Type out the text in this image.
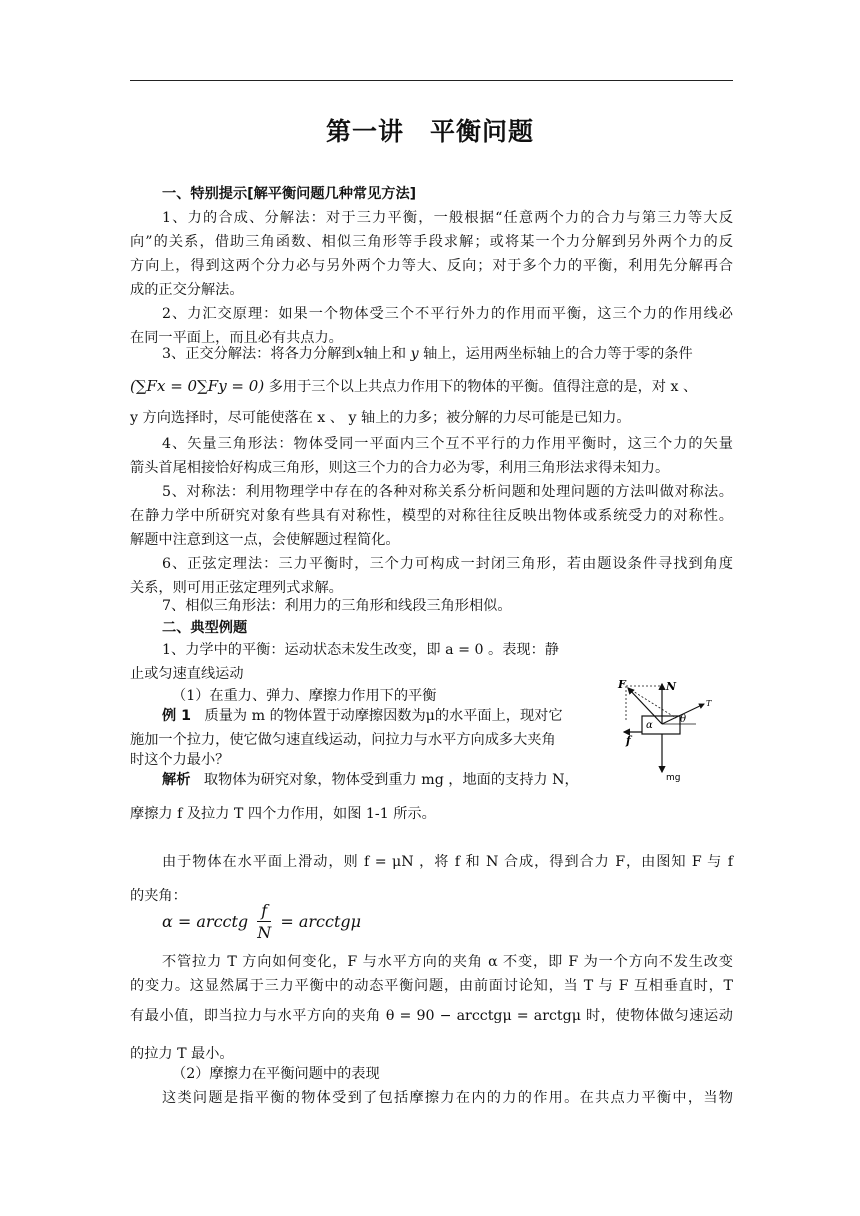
第一讲　平衡问题
一、特别提示[解平衡问题几种常见方法]
1、力的合成、分解法：对于三力平衡，一般根据“任意两个力的合力与第三力等大反
向”的关系，借助三角函数、相似三角形等手段求解；或将某一个力分解到另外两个力的反
方向上，得到这两个分力必与另外两个力等大、反向；对于多个力的平衡，利用先分解再合
成的正交分解法。
2、力汇交原理：如果一个物体受三个不平行外力的作用而平衡，这三个力的作用线必
在同一平面上，而且必有共点力。
3、正交分解法：将各力分解到x轴上和 y 轴上，运用两坐标轴上的合力等于零的条件
(∑Fx = 0∑Fy = 0) 多用于三个以上共点力作用下的物体的平衡。值得注意的是，对 x 、
y 方向选择时，尽可能使落在 x 、 y 轴上的力多；被分解的力尽可能是已知力。
4、矢量三角形法：物体受同一平面内三个互不平行的力作用平衡时，这三个力的矢量
箭头首尾相接恰好构成三角形，则这三个力的合力必为零，利用三角形法求得未知力。
5、对称法：利用物理学中存在的各种对称关系分析问题和处理问题的方法叫做对称法。
在静力学中所研究对象有些具有对称性，模型的对称往往反映出物体或系统受力的对称性。
解题中注意到这一点，会使解题过程简化。
6、正弦定理法：三力平衡时，三个力可构成一封闭三角形，若由题设条件寻找到角度
关系，则可用正弦定理列式求解。
7、相似三角形法：利用力的三角形和线段三角形相似。
二、典型例题
1、力学中的平衡：运动状态未发生改变，即 a = 0 。表现：静
止或匀速直线运动
（1）在重力、弹力、摩擦力作用下的平衡
例 1 质量为 m 的物体置于动摩擦因数为μ的水平面上，现对它
施加一个拉力，使它做匀速直线运动，问拉力与水平方向成多大夹角
时这个力最小？
解析 取物体为研究对象，物体受到重力 mg ，地面的支持力 N，
摩擦力 f 及拉力 T 四个力作用，如图 1-1 所示。
由于物体在水平面上滑动，则 f = μN ，将 f 和 N 合成，得到合力 F，由图知 F 与 f
的夹角：
α = arcctg $\frac{f}{N}$ = arcctgμ
不管拉力 T 方向如何变化，F 与水平方向的夹角 α 不变，即 F 为一个方向不发生改变
的变力。这显然属于三力平衡中的动态平衡问题，由前面讨论知，当 T 与 F 互相垂直时，T
有最小值，即当拉力与水平方向的夹角 θ = 90 − arcctgμ = arctgμ 时，使物体做匀速运动
的拉力 T 最小。
（2）摩擦力在平衡问题中的表现
这类问题是指平衡的物体受到了包括摩擦力在内的力的作用。在共点力平衡中，当物
F	N
T
α
θ
f
mg
